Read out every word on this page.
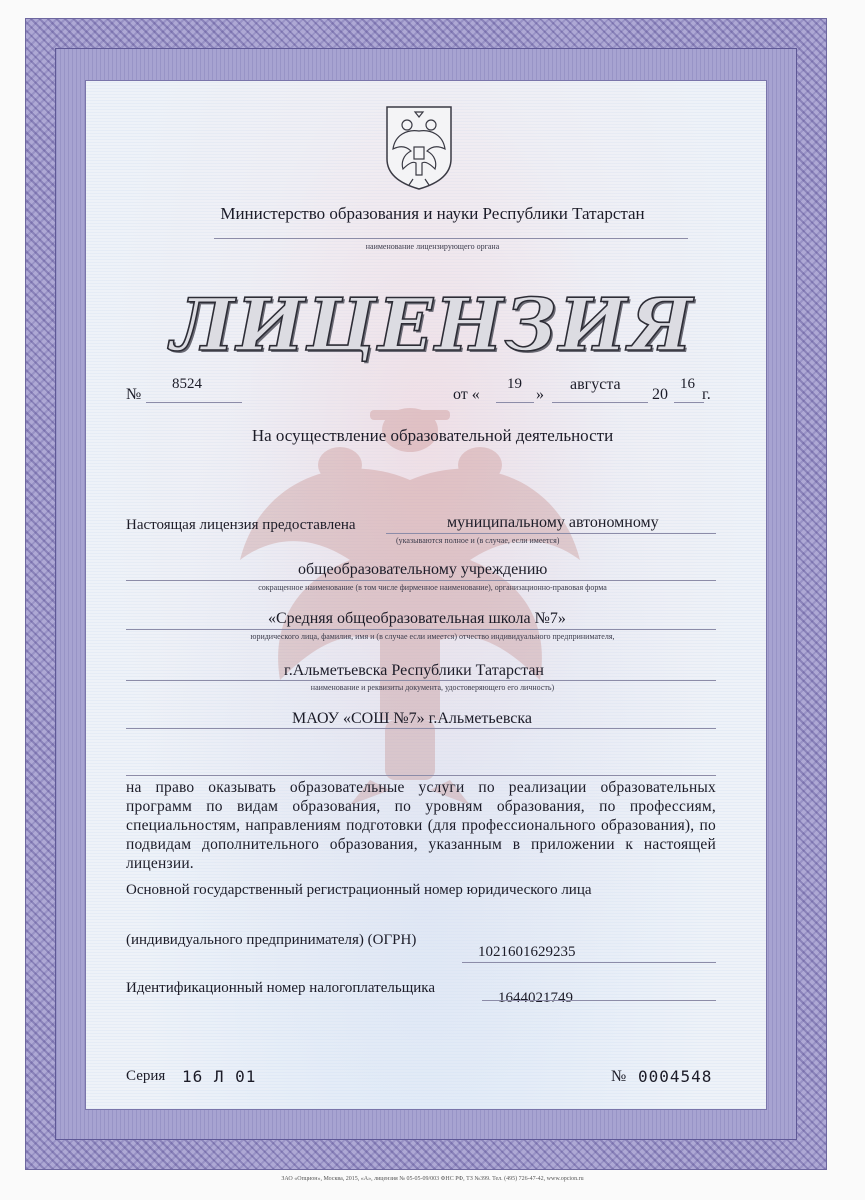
Министерство образования и науки Республики Татарстан
наименование лицензирующего органа
ЛИЦЕНЗИЯ
№
8524
от «
19
»
августа
20
16
г.
На осуществление образовательной деятельности
Настоящая лицензия предоставлена	муниципальному автономному
(указываются полное и (в случае, если имеется)
общеобразовательному учреждению
сокращенное наименование (в том числе фирменное наименование), организационно-правовая форма
«Средняя общеобразовательная школа №7»
юридического лица, фамилия, имя и (в случае если имеется) отчество индивидуального предпринимателя,
г.Альметьевска Республики Татарстан
наименование и реквизиты документа, удостоверяющего его личность)
МАОУ «СОШ №7» г.Альметьевска
на право оказывать образовательные услуги по реализации образовательных программ по видам образования, по уровням образования, по профессиям, специальностям, направлениям подготовки (для профессионального образования), по подвидам дополнительного образования, указанным в приложении к настоящей лицензии.
Основной государственный регистрационный номер юридического лица
(индивидуального предпринимателя) (ОГРН)
1021601629235
Идентификационный номер налогоплательщика
1644021749
Серия 16 Л 01	№ 0004548
ЗАО «Опцион», Москва, 2015, «А», лицензия № 05-05-09/003 ФНС РФ, ТЗ №399. Тел. (495) 726-47-42, www.opcion.ru
